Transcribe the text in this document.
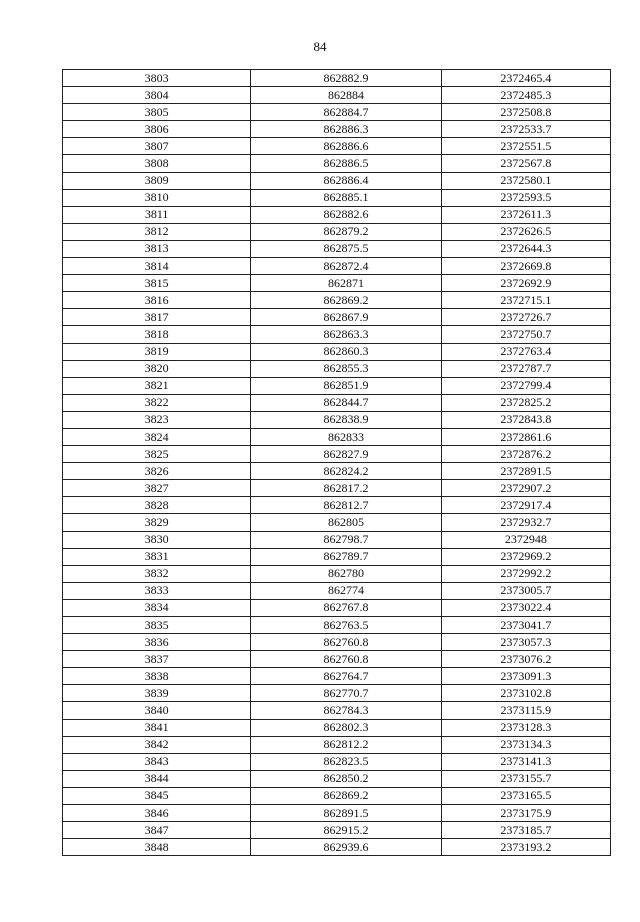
84
3803	862882.9	2372465.4
3804	862884	2372485.3
3805	862884.7	2372508.8
3806	862886.3	2372533.7
3807	862886.6	2372551.5
3808	862886.5	2372567.8
3809	862886.4	2372580.1
3810	862885.1	2372593.5
3811	862882.6	2372611.3
3812	862879.2	2372626.5
3813	862875.5	2372644.3
3814	862872.4	2372669.8
3815	862871	2372692.9
3816	862869.2	2372715.1
3817	862867.9	2372726.7
3818	862863.3	2372750.7
3819	862860.3	2372763.4
3820	862855.3	2372787.7
3821	862851.9	2372799.4
3822	862844.7	2372825.2
3823	862838.9	2372843.8
3824	862833	2372861.6
3825	862827.9	2372876.2
3826	862824.2	2372891.5
3827	862817.2	2372907.2
3828	862812.7	2372917.4
3829	862805	2372932.7
3830	862798.7	2372948
3831	862789.7	2372969.2
3832	862780	2372992.2
3833	862774	2373005.7
3834	862767.8	2373022.4
3835	862763.5	2373041.7
3836	862760.8	2373057.3
3837	862760.8	2373076.2
3838	862764.7	2373091.3
3839	862770.7	2373102.8
3840	862784.3	2373115.9
3841	862802.3	2373128.3
3842	862812.2	2373134.3
3843	862823.5	2373141.3
3844	862850.2	2373155.7
3845	862869.2	2373165.5
3846	862891.5	2373175.9
3847	862915.2	2373185.7
3848	862939.6	2373193.2
